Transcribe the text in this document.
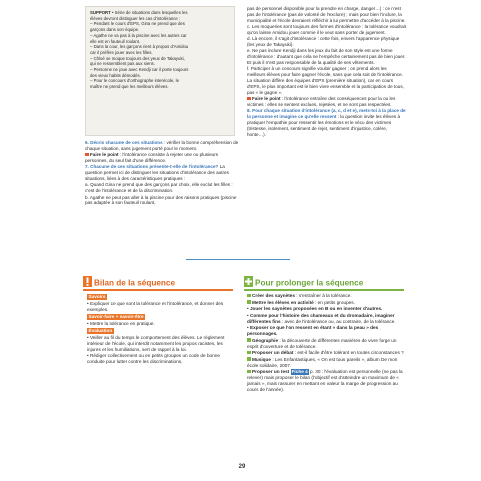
SUPPORT • Série de situations dans lesquelles les
élèves devront distinguer les cas d'intolérance :
– Pendant le cours d'EPS, Gina ne prend que des
garçons dans son équipe.
– Agathe ne va pas à la piscine avec les autres car
elle est en fauteuil roulant.
– Dans la cour, les garçons rient à propos d'Amidou
car il préfère jouer avec les filles.
– Chloé se moque toujours des yeux de Takayuki,
qui ne ressemblent pas aux siens.
– Personne ne joue avec Kendji car il porte toujours
des vieux habits démodés.
– Pour le concours d'orthographe interécole, le
maître ne prend que les meilleurs élèves.

6. Décris chacune de ces situations : vérifier la bonne compréhension de chaque situation, sans jugement porté pour le moment.

Faire le point : l'intolérance consiste à rejeter une ou plusieurs personnes, du seul fait d'une différence.

7. Chacune de ces situations présente-t-elle de l'intolérance? La question permet ici de distinguer les situations d'intolérance des autres situations, liées à des caractéristiques pratiques :

a. Quand Gina ne prend que des garçons par choix, elle exclut les filles : c'est de l'intolérance et de la discrimination.

b. Agathe ne peut pas aller à la piscine pour des raisons pratiques (piscine pas adaptée à son fauteuil roulant,

pas de personnel disponible pour la prendre en charge, danger…) : ce n'est pas de l'intolérance (pas de volonté de l'exclure) ; mais pour bien l'inclure, la municipalité et l'école devraient réfléchir à lui permettre d'accéder à la piscine.

c. Les moqueries sont toujours des formes d'intolérance : la tolérance voudrait qu'on laisse Amidou jouer comme il le veut sans porter de jugement.

d. Là encore, il s'agit d'intolérance : cette fois, envers l'apparence physique (les yeux de Takayuki).

e. Ne pas inclure Kendji dans les jeux du fait de son style est une forme d'intolérance : d'autant que cela ne l'empêche certainement pas de bien jouer. Et puis il n'est pas responsable de la qualité de ses vêtements.

f. Participer à un concours signifie vouloir gagner ; on prend alors les meilleurs élèves pour faire gagner l'école, sans que cela soit de l'intolérance. La situation diffère des équipes d'EPS (première situation), car en cours d'EPS, le plus important est le bien vivre ensemble et la participation de tous, pas « le gagne ».

Faire le point : l'intolérance entraîne des conséquences pour la ou les victimes : elles se sentent exclues, rejetées, et ne sont pas respectées.

8. Pour chaque situation d'intolérance (a, c, d et e), mets-toi à la place de la personne et imagine ce qu'elle ressent : la question invite les élèves à pratiquer l'empathie pour ressentir les émotions et le vécu des victimes (tristesse, isolement, sentiment de rejet, sentiment d'injustice, colère, honte…).

Bilan de la séquence	Pour prolonger la séquence
Savoirs

• Expliquer ce que sont la tolérance et l'intolérance, et donner des exemples.

Savoir-faire + savoir-être

• Mettre la tolérance en pratique.

Évaluation

• Veiller au fil du temps le comportement des élèves. Le règlement intérieur de l'école, qui interdit notamment les propos racistes, les injures et les humiliations, sert de rappel à la loi.

• Rédiger collectivement ou en petits groupes un code de bonne conduite pour lutter contre les discriminations.

Créer des saynètes : s'entraîner à la tolérance.

Mettre les élèves en activité : en petits groupes.

• Jouer les saynètes proposées en B ou en inventer d'autres.

• Comme pour l'histoire des chameaux et du dromadaire, imaginer différentes fins : avec de l'intolérance ou, au contraire, de la tolérance.

• Exposer ce que l'on ressent en étant « dans la peau » des personnages.

Géographie : la découverte de différentes manières de vivre forge un esprit d'ouverture et de tolérance.

Proposer un débat : est-il facile d'être tolérant en toutes circonstances ?

Musique : Les Enfantastiques, « On est tous pareils », album De mon école solidaire, 2007.

Proposer un test Fiche 4 p. 30 : l'évaluation est personnelle (ne pas la relever) mais proposer le bilan (l'objectif est d'atteindre un maximum de « jamais », mais rassurer en mettant en valeur la marge de progression au cours de l'année).

29
